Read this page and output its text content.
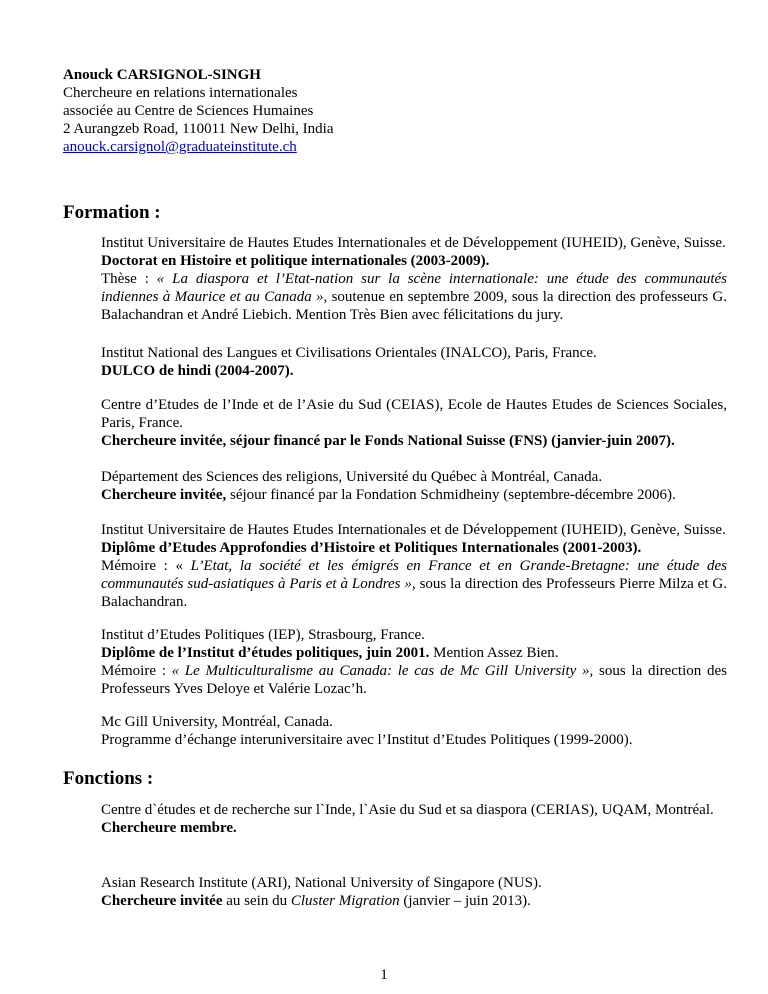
Anouck CARSIGNOL-SINGH
Chercheure en relations internationales
associée au Centre de Sciences Humaines
2 Aurangzeb Road, 110011 New Delhi, India
anouck.carsignol@graduateinstitute.ch
Formation :
Institut Universitaire de Hautes Etudes Internationales et de Développement (IUHEID), Genève, Suisse.
Doctorat en Histoire et politique internationales (2003-2009).
Thèse : « La diaspora et l’Etat-nation sur la scène internationale: une étude des communautés indiennes à Maurice et au Canada », soutenue en septembre 2009, sous la direction des professeurs G. Balachandran et André Liebich. Mention Très Bien avec félicitations du jury.
Institut National des Langues et Civilisations Orientales (INALCO), Paris, France.
DULCO de hindi (2004-2007).
Centre d’Etudes de l’Inde et de l’Asie du Sud (CEIAS), Ecole de Hautes Etudes de Sciences Sociales, Paris, France.
Chercheure invitée, séjour financé par le Fonds National Suisse (FNS) (janvier-juin 2007).
Département des Sciences des religions, Université du Québec à Montréal, Canada.
Chercheure invitée, séjour financé par la Fondation Schmidheiny (septembre-décembre 2006).
Institut Universitaire de Hautes Etudes Internationales et de Développement (IUHEID), Genève, Suisse.
Diplôme d’Etudes Approfondies d’Histoire et Politiques Internationales (2001-2003).
Mémoire : « L’Etat, la société et les émigrés en France et en Grande-Bretagne: une étude des communautés sud-asiatiques à Paris et à Londres », sous la direction des Professeurs Pierre Milza et G. Balachandran.
Institut d’Etudes Politiques (IEP), Strasbourg, France.
Diplôme de l’Institut d’études politiques, juin 2001. Mention Assez Bien.
Mémoire : « Le Multiculturalisme au Canada: le cas de Mc Gill University », sous la direction des Professeurs Yves Deloye et Valérie Lozac’h.
Mc Gill University, Montréal, Canada.
Programme d’échange interuniversitaire avec l’Institut d’Etudes Politiques (1999-2000).
Fonctions :
Centre d`études et de recherche sur l`Inde, l`Asie du Sud et sa diaspora (CERIAS), UQAM, Montréal.
Chercheure membre.
Asian Research Institute (ARI), National University of Singapore (NUS).
Chercheure invitée au sein du Cluster Migration (janvier – juin 2013).
1
